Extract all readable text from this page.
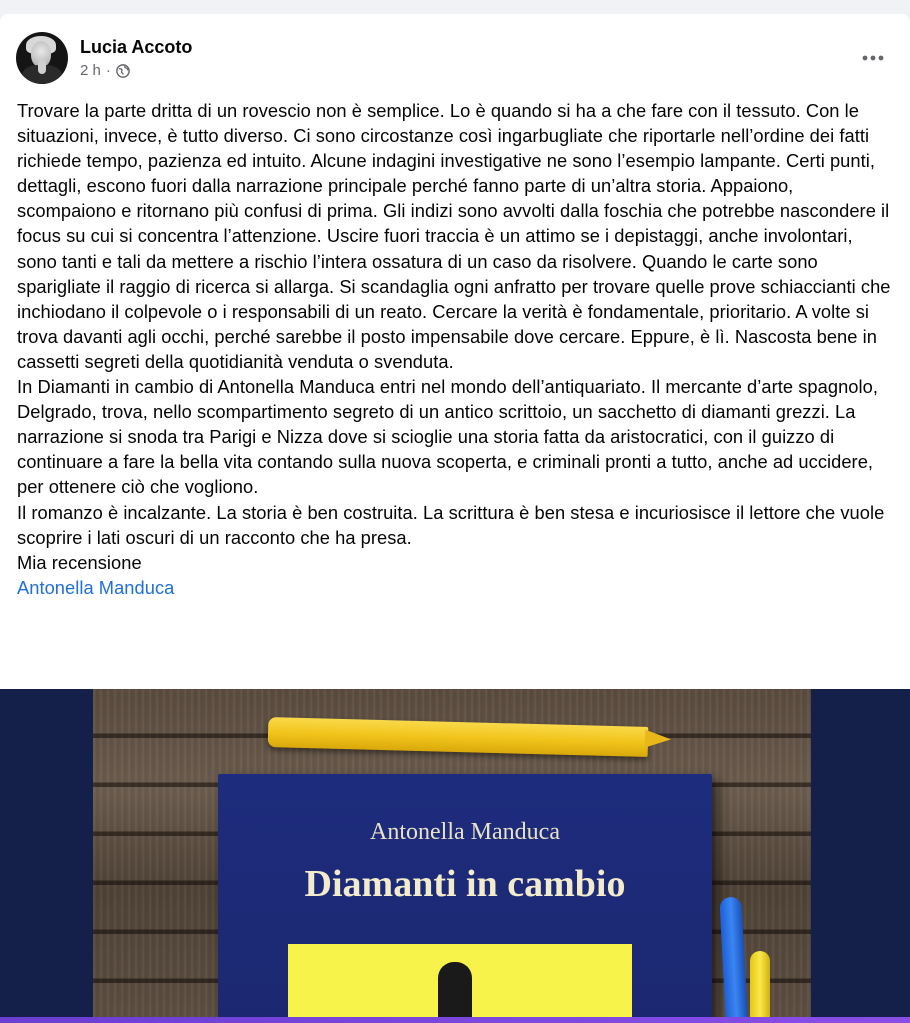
Lucia Accoto
2 h ·

Trovare la parte dritta di un rovescio non è semplice. Lo è quando si ha a che fare con il tessuto. Con le situazioni, invece, è tutto diverso. Ci sono circostanze così ingarbugliate che riportarle nell’ordine dei fatti richiede tempo, pazienza ed intuito. Alcune indagini investigative ne sono l’esempio lampante. Certi punti, dettagli, escono fuori dalla narrazione principale perché fanno parte di un’altra storia. Appaiono, scompaiono e ritornano più confusi di prima. Gli indizi sono avvolti dalla foschia che potrebbe nascondere il focus su cui si concentra l’attenzione. Uscire fuori traccia è un attimo se i depistaggi, anche involontari, sono tanti e tali da mettere a rischio l’intera ossatura di un caso da risolvere. Quando le carte sono sparigliate il raggio di ricerca si allarga. Si scandaglia ogni anfratto per trovare quelle prove schiaccianti che inchiodano il colpevole o i responsabili di un reato. Cercare la verità è fondamentale, prioritario. A volte si trova davanti agli occhi, perché sarebbe il posto impensabile dove cercare. Eppure, è lì. Nascosta bene in cassetti segreti della quotidianità venduta o svenduta.

In Diamanti in cambio di Antonella Manduca entri nel mondo dell’antiquariato. Il mercante d’arte spagnolo, Delgrado, trova, nello scompartimento segreto di un antico scrittoio, un sacchetto di diamanti grezzi. La narrazione si snoda tra Parigi e Nizza dove si scioglie una storia fatta da aristocratici, con il guizzo di continuare a fare la bella vita contando sulla nuova scoperta, e criminali pronti a tutto, anche ad uccidere, per ottenere ciò che vogliono.

Il romanzo è incalzante. La storia è ben costruita. La scrittura è ben stesa e incuriosisce il lettore che vuole scoprire i lati oscuri di un racconto che ha presa.

Mia recensione

Antonella Manduca
Antonella Manduca
Diamanti in cambio
